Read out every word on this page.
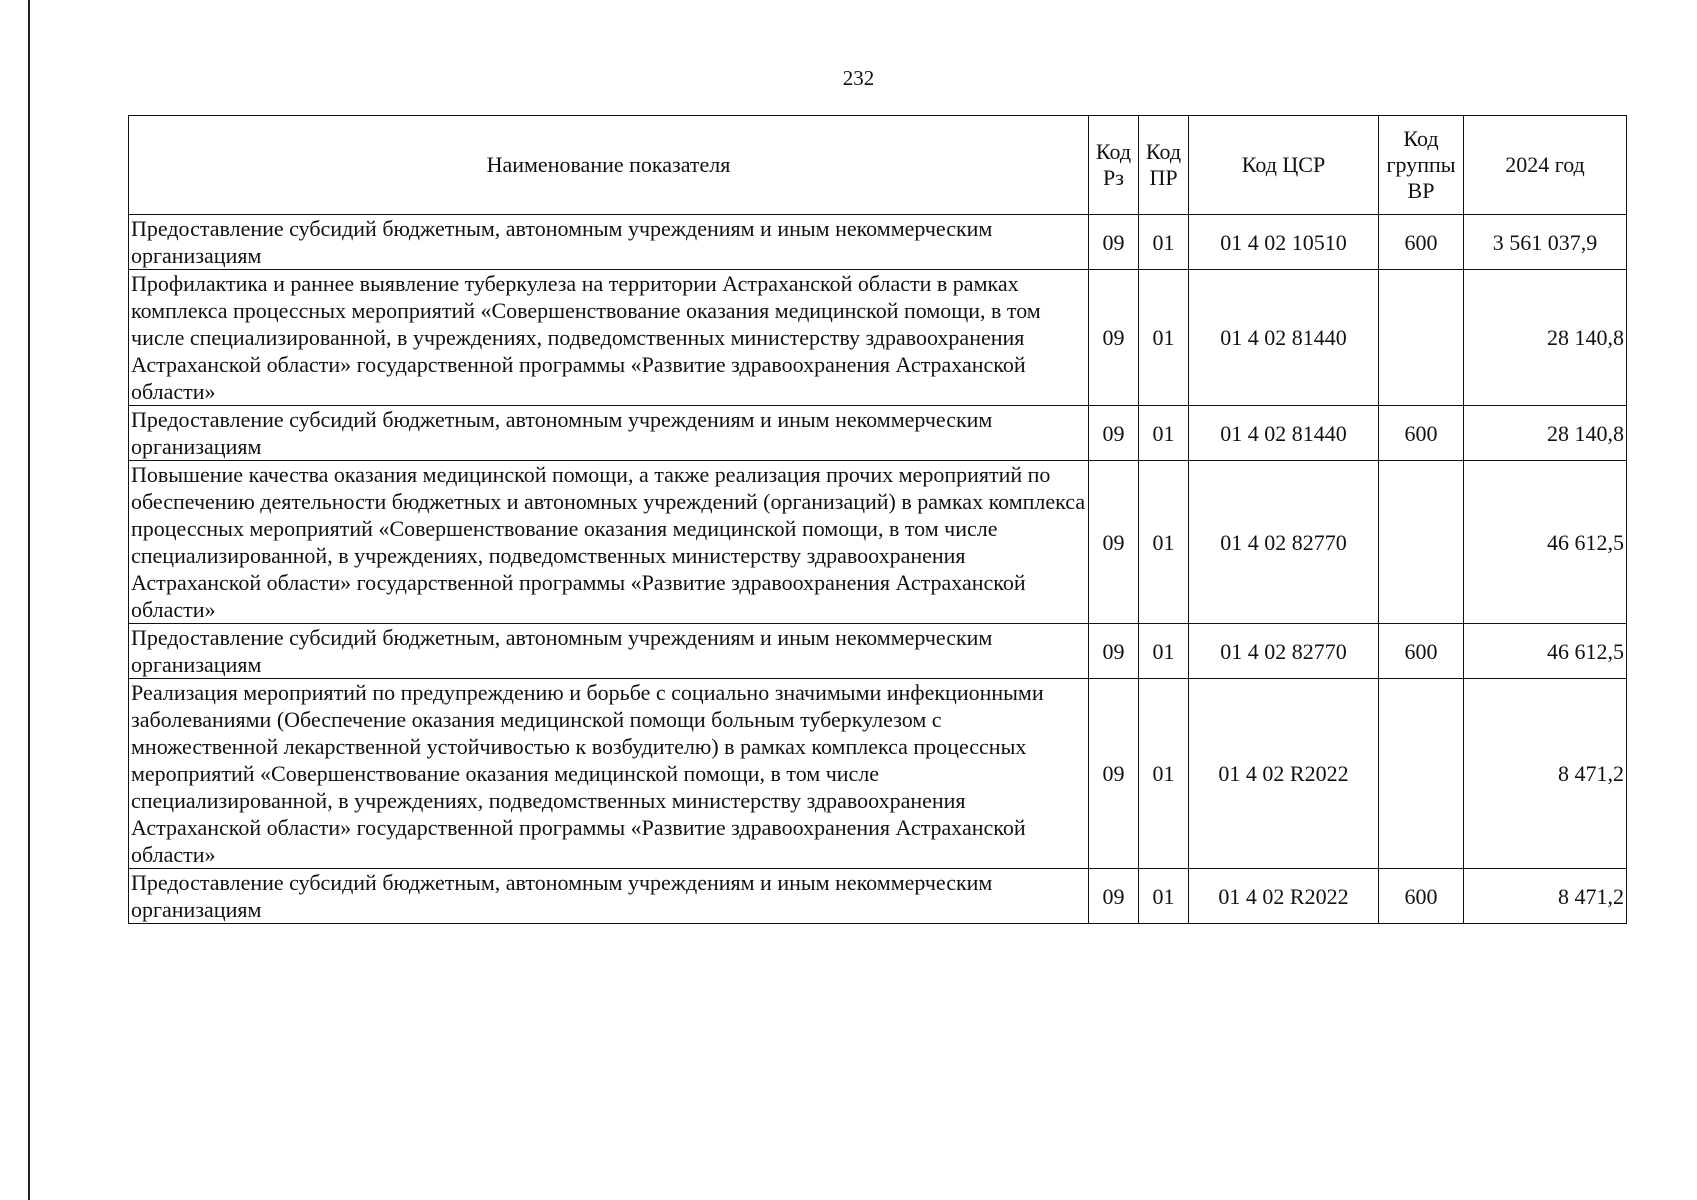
232
Наименование показателя	Код Рз	Код ПР	Код ЦСР	Код группы ВР	2024 год
Предоставление субсидий бюджетным, автономным учреждениям и иным некоммерческим организациям	09	01	01 4 02 10510	600	3 561 037,9
Профилактика и раннее выявление туберкулеза на территории Астраханской области в рамках комплекса процессных мероприятий «Совершенствование оказания медицинской помощи, в том числе специализированной, в учреждениях, подведомственных министерству здравоохранения Астраханской области» государственной программы «Развитие здравоохранения Астраханской области»	09	01	01 4 02 81440		28 140,8
Предоставление субсидий бюджетным, автономным учреждениям и иным некоммерческим организациям	09	01	01 4 02 81440	600	28 140,8
Повышение качества оказания медицинской помощи, а также реализация прочих мероприятий по обеспечению деятельности бюджетных и автономных учреждений (организаций) в рамках комплекса процессных мероприятий «Совершенствование оказания медицинской помощи, в том числе специализированной, в учреждениях, подведомственных министерству здравоохранения Астраханской области» государственной программы «Развитие здравоохранения Астраханской области»	09	01	01 4 02 82770		46 612,5
Предоставление субсидий бюджетным, автономным учреждениям и иным некоммерческим организациям	09	01	01 4 02 82770	600	46 612,5
Реализация мероприятий по предупреждению и борьбе с социально значимыми инфекционными заболеваниями (Обеспечение оказания медицинской помощи больным туберкулезом с множественной лекарственной устойчивостью к возбудителю) в рамках комплекса процессных мероприятий «Совершенствование оказания медицинской помощи, в том числе специализированной, в учреждениях, подведомственных министерству здравоохранения Астраханской области» государственной программы «Развитие здравоохранения Астраханской области»	09	01	01 4 02 R2022		8 471,2
Предоставление субсидий бюджетным, автономным учреждениям и иным некоммерческим организациям	09	01	01 4 02 R2022	600	8 471,2
